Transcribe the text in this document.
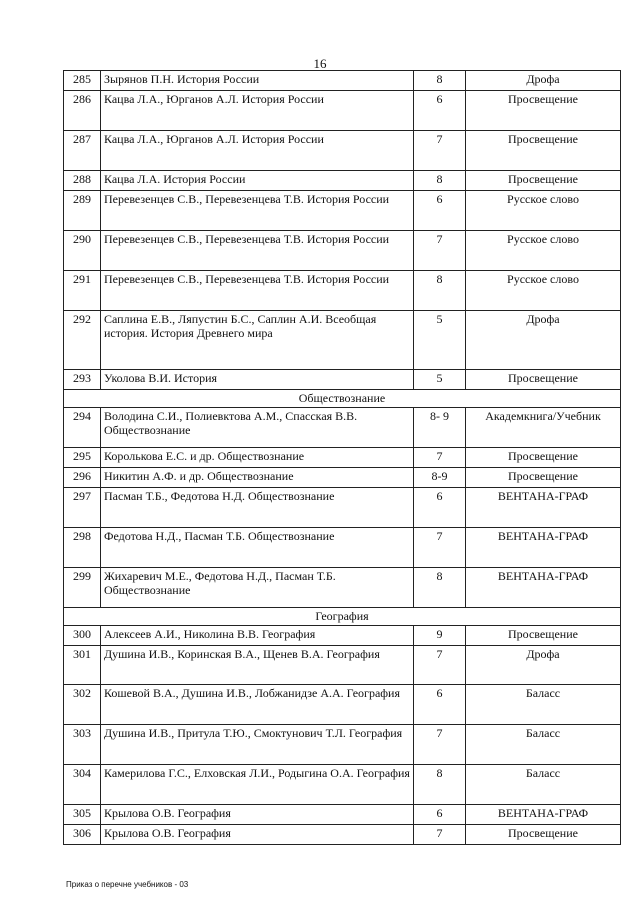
16
285	Зырянов П.Н. История России	8	Дрофа
286	Кацва Л.А., Юрганов А.Л. История России	6	Просвещение
287	Кацва Л.А., Юрганов А.Л. История России	7	Просвещение
288	Кацва Л.А. История России	8	Просвещение
289	Перевезенцев С.В., Перевезенцева Т.В. История России	6	Русское слово
290	Перевезенцев С.В., Перевезенцева Т.В. История России	7	Русское слово
291	Перевезенцев С.В., Перевезенцева Т.В. История России	8	Русское слово
292	Саплина Е.В., Ляпустин Б.С., Саплин А.И. Всеобщая история. История Древнего мира	5	Дрофа
293	Уколова В.И. История	5	Просвещение
Обществознание			
294	Володина С.И., Полиевктова А.М., Спасская В.В. Обществознание	8- 9	Академкнига/Учебник
295	Королькова Е.С. и др. Обществознание	7	Просвещение
296	Никитин А.Ф. и др. Обществознание	8-9	Просвещение
297	Пасман Т.Б., Федотова Н.Д. Обществознание	6	ВЕНТАНА-ГРАФ
298	Федотова Н.Д., Пасман Т.Б. Обществознание	7	ВЕНТАНА-ГРАФ
299	Жихаревич М.Е., Федотова Н.Д., Пасман Т.Б. Обществознание	8	ВЕНТАНА-ГРАФ
География			
300	Алексеев А.И., Николина В.В. География	9	Просвещение
301	Душина И.В., Коринская В.А., Щенев В.А. География	7	Дрофа
302	Кошевой В.А., Душина И.В., Лобжанидзе А.А. География	6	Баласс
303	Душина И.В., Притула Т.Ю., Смоктунович Т.Л. География	7	Баласс
304	Камерилова Г.С., Елховская Л.И., Родыгина О.А. География	8	Баласс
305	Крылова О.В. География	6	ВЕНТАНА-ГРАФ
306	Крылова О.В. География	7	Просвещение
Приказ о перечне учебников - 03
